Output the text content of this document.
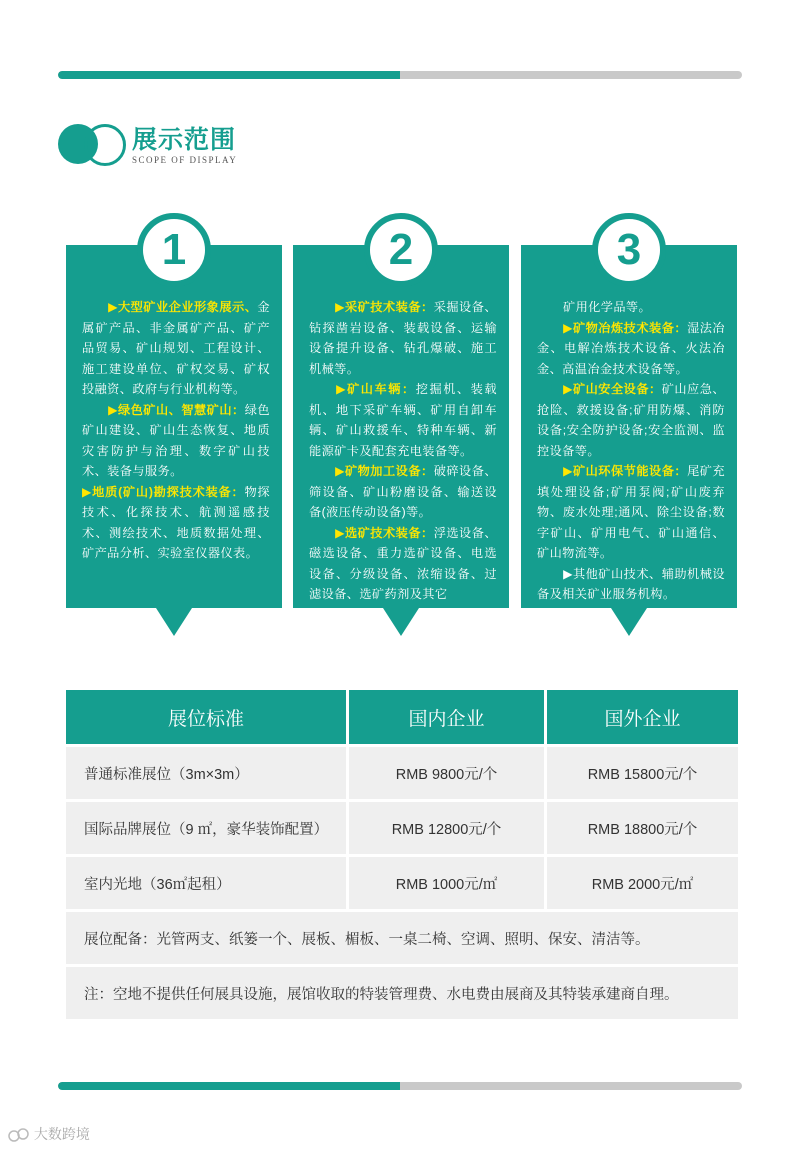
展示范围
SCOPE OF DISPLAY
1

▶大型矿业企业形象展示、金属矿产品、非金属矿产品、矿产品贸易、矿山规划、工程设计、施工建设单位、矿权交易、矿权投融资、政府与行业机构等。

▶绿色矿山、智慧矿山：绿色矿山建设、矿山生态恢复、地质灾害防护与治理、数字矿山技术、装备与服务。

▶地质(矿山)勘探技术装备：物探技术、化探技术、航测遥感技术、测绘技术、地质数据处理、矿产品分析、实验室仪器仪表。

2

▶采矿技术装备：采掘设备、钻探凿岩设备、装载设备、运输设备提升设备、钻孔爆破、施工机械等。

▶矿山车辆：挖掘机、装载机、地下采矿车辆、矿用自卸车辆、矿山救援车、特种车辆、新能源矿卡及配套充电装备等。

▶矿物加工设备：破碎设备、筛设备、矿山粉磨设备、输送设备(液压传动设备)等。

▶选矿技术装备：浮选设备、磁选设备、重力选矿设备、电选设备、分级设备、浓缩设备、过滤设备、选矿药剂及其它

3

矿用化学品等。

▶矿物冶炼技术装备：湿法冶金、电解冶炼技术设备、火法冶金、高温冶金技术设备等。

▶矿山安全设备：矿山应急、抢险、救援设备;矿用防爆、消防设备;安全防护设备;安全监测、监控设备等。

▶矿山环保节能设备：尾矿充填处理设备;矿用泵阀;矿山废弃物、废水处理;通风、除尘设备;数字矿山、矿用电气、矿山通信、矿山物流等。

▶其他矿山技术、辅助机械设备及相关矿业服务机构。

展位标准	国内企业	国外企业
普通标准展位（3m×3m）	RMB 9800元/个	RMB 15800元/个
国际品牌展位（9 ㎡，豪华装饰配置）	RMB 12800元/个	RMB 18800元/个
室内光地（36㎡起租）	RMB 1000元/㎡	RMB 2000元/㎡
展位配备：光管两支、纸篓一个、展板、楣板、一桌二椅、空调、照明、保安、清洁等。
注：空地不提供任何展具设施，展馆收取的特装管理费、水电费由展商及其特装承建商自理。
大数跨境
